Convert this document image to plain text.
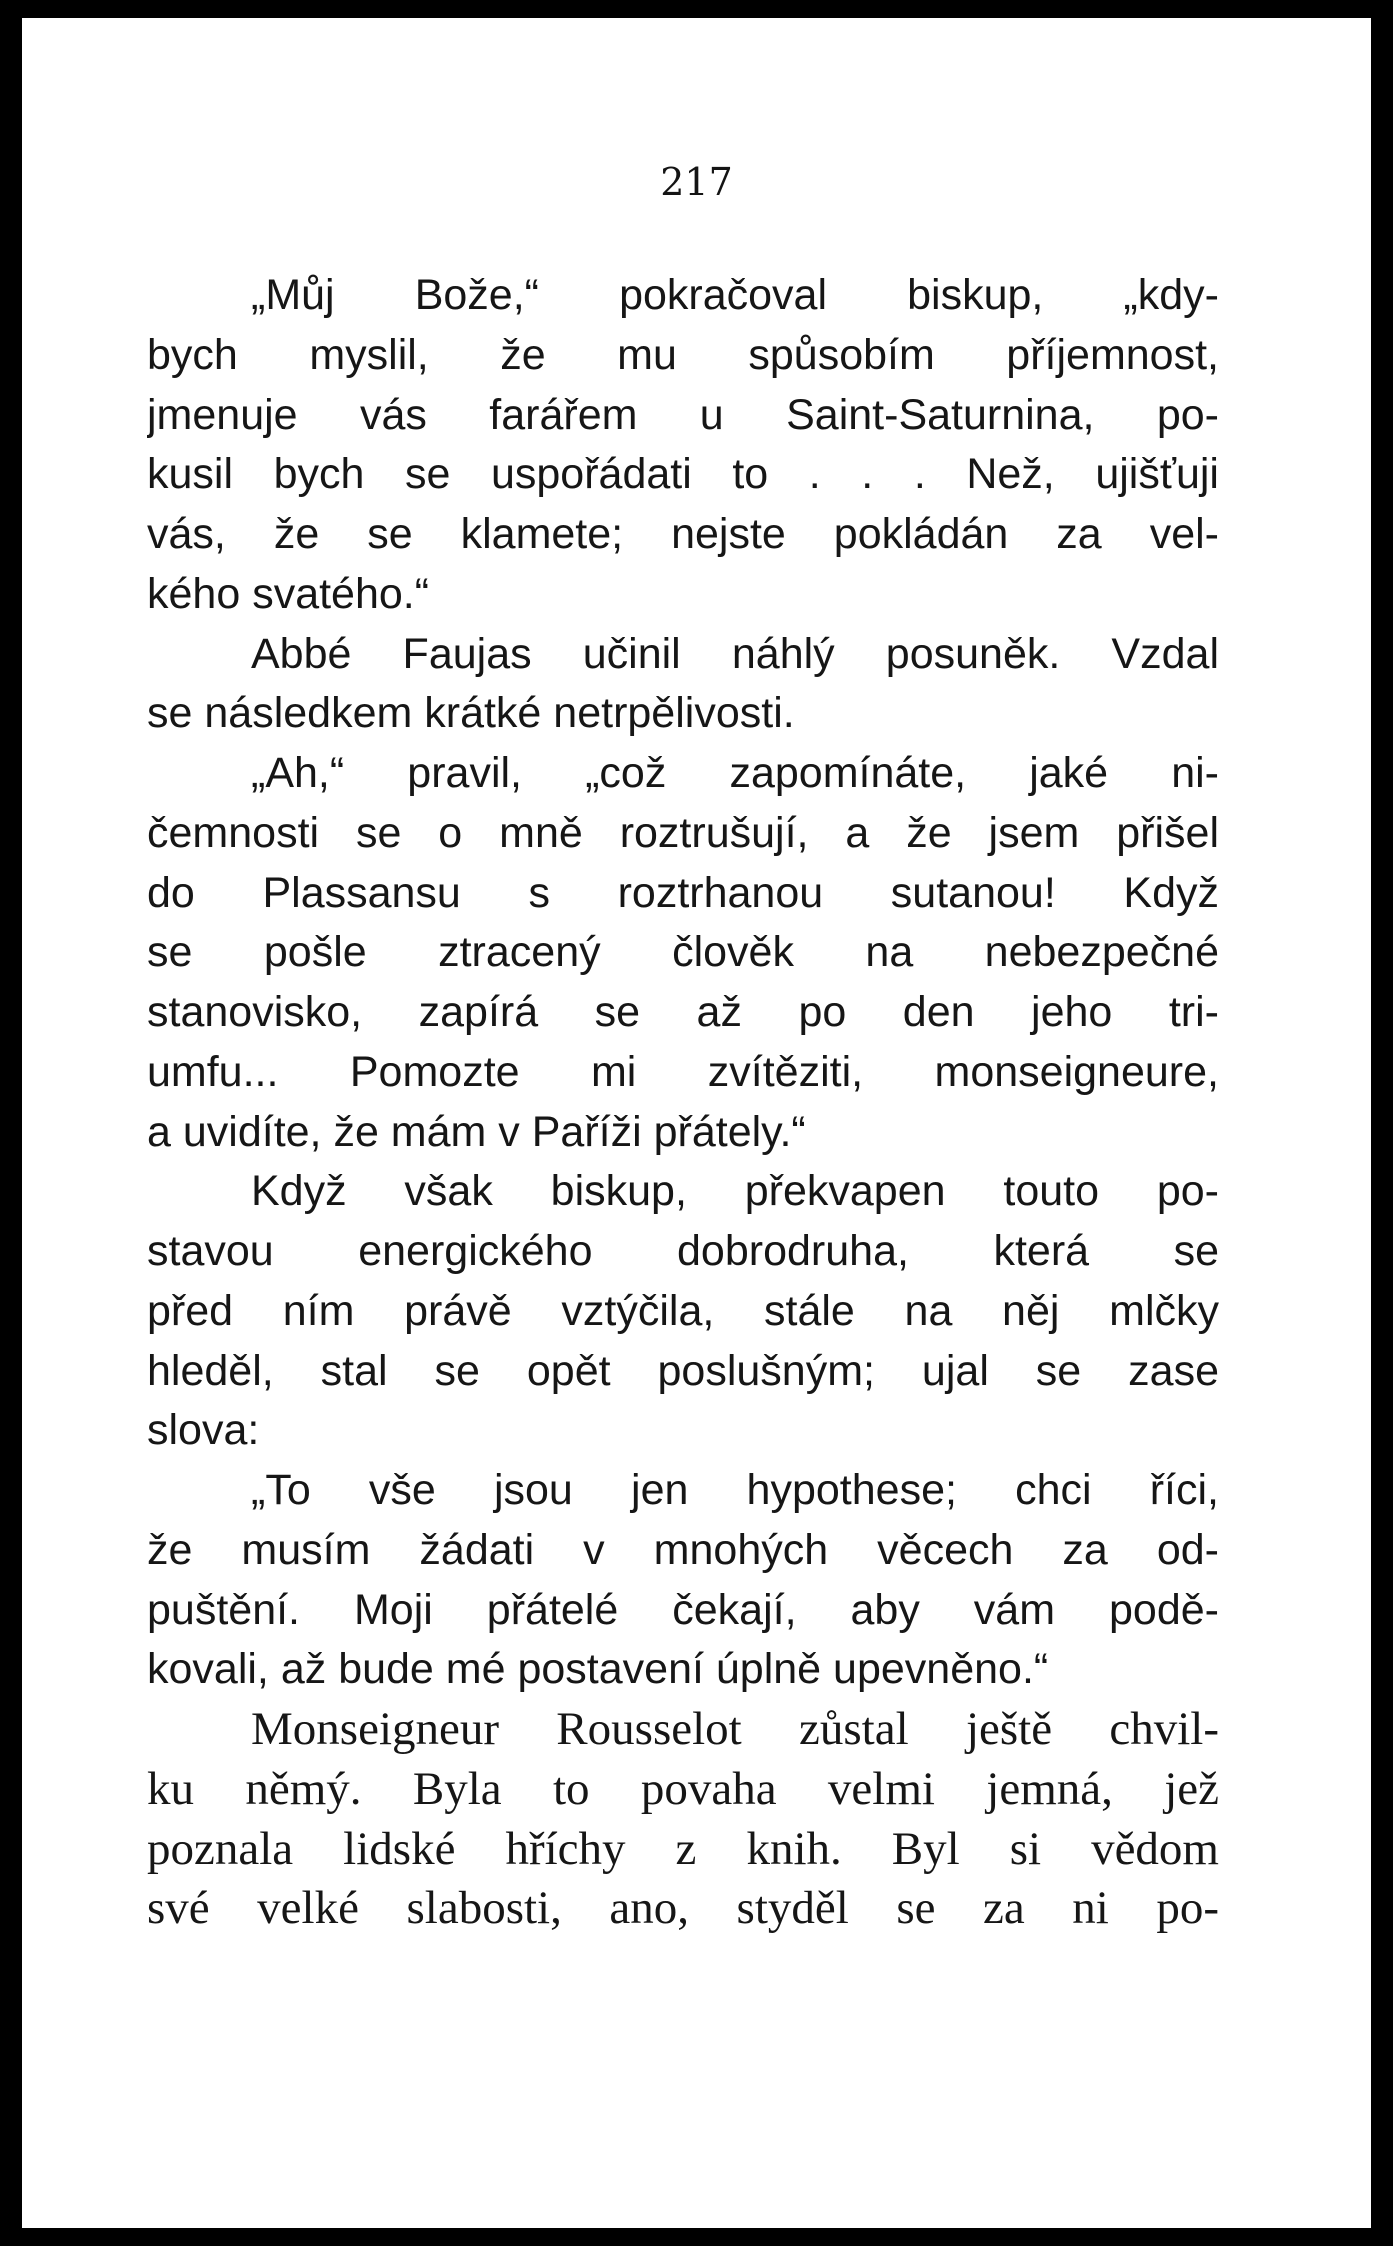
217

„Můj Bože,“ pokračoval biskup, „kdy-

bych myslil, že mu spůsobím příjemnost,

jmenuje vás farářem u Saint-Saturnina, po-

kusil bych se uspořádati to . . . Než, ujišťuji

vás, že se klamete; nejste pokládán za vel-

kého svatého.“

Abbé Faujas učinil náhlý posuněk. Vzdal

se následkem krátké netrpělivosti.

„Ah,“ pravil, „což zapomínáte, jaké ni-

čemnosti se o mně roztrušují, a že jsem přišel

do Plassansu s roztrhanou sutanou! Když

se pošle ztracený člověk na nebezpečné

stanovisko, zapírá se až po den jeho tri-

umfu... Pomozte mi zvítěziti, monseigneure,

a uvidíte, že mám v Paříži přátely.“

Když však biskup, překvapen touto po-

stavou energického dobrodruha, která se

před ním právě vztýčila, stále na něj mlčky

hleděl, stal se opět poslušným; ujal se zase

slova:

„To vše jsou jen hypothese; chci říci,

že musím žádati v mnohých věcech za od-

puštění. Moji přátelé čekají, aby vám podě-

kovali, až bude mé postavení úplně upevněno.“

Monseigneur Rousselot zůstal ještě chvil-

ku němý. Byla to povaha velmi jemná, jež

poznala lidské hříchy z knih. Byl si vědom

své velké slabosti, ano, styděl se za ni po-
